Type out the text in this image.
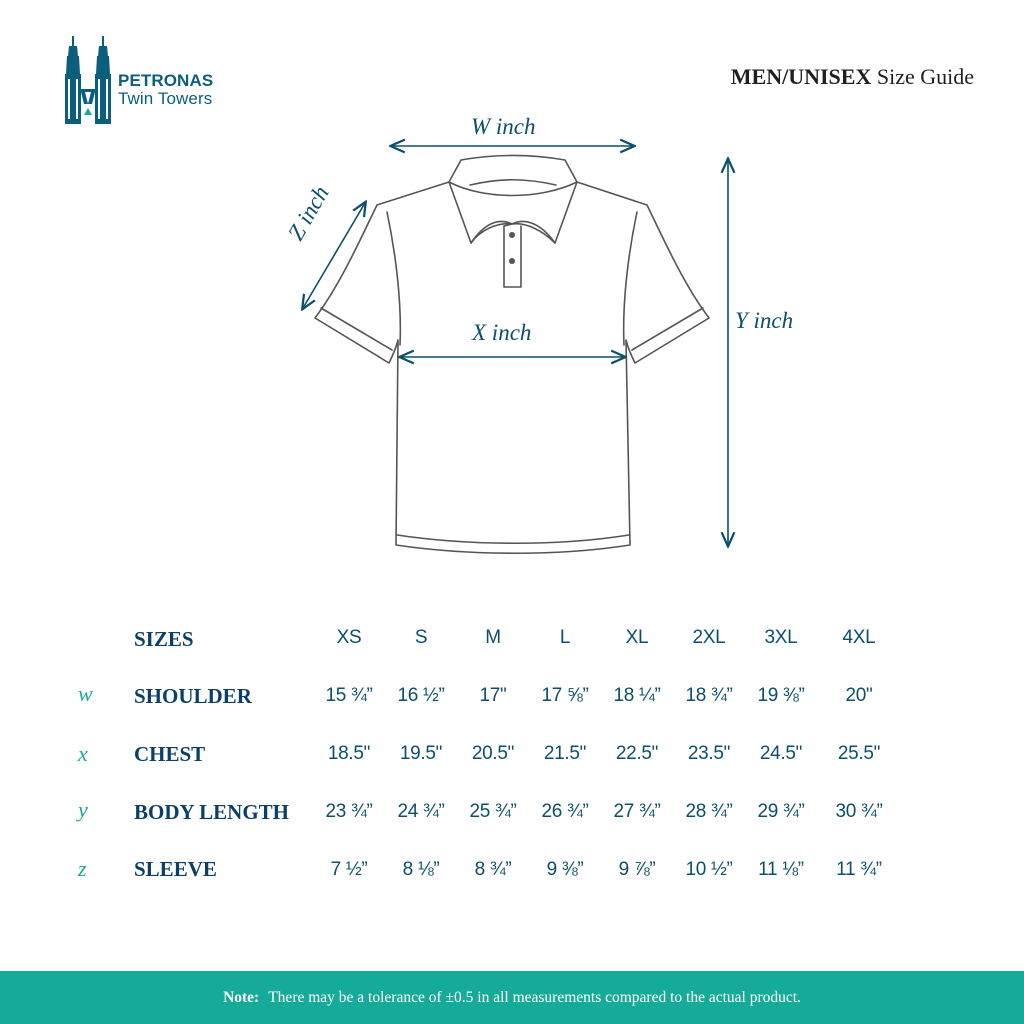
PETRONAS
Twin Towers
MEN/UNISEX Size Guide
W inch
X inch	Y inch
Z inch
SIZES	XS	S	M	L	XL 2XL 3XL 4XL
w SHOULDER	15 ¾” 16 ½” 17" 17 ⅝” 18 ¼” 18 ¾” 19 ⅜” 20"
x CHEST	18.5" 19.5" 20.5" 21.5" 22.5" 23.5" 24.5" 25.5"
y BODY LENGTH 23 ¾” 24 ¾” 25 ¾” 26 ¾” 27 ¾” 28 ¾” 29 ¾” 30 ¾”
z SLEEVE	7 ½” 8 ⅛” 8 ¾” 9 ⅜” 9 ⅞” 10 ½” 11 ⅛” 11 ¾”
Note: There may be a tolerance of ±0.5 in all measurements compared to the actual product.
